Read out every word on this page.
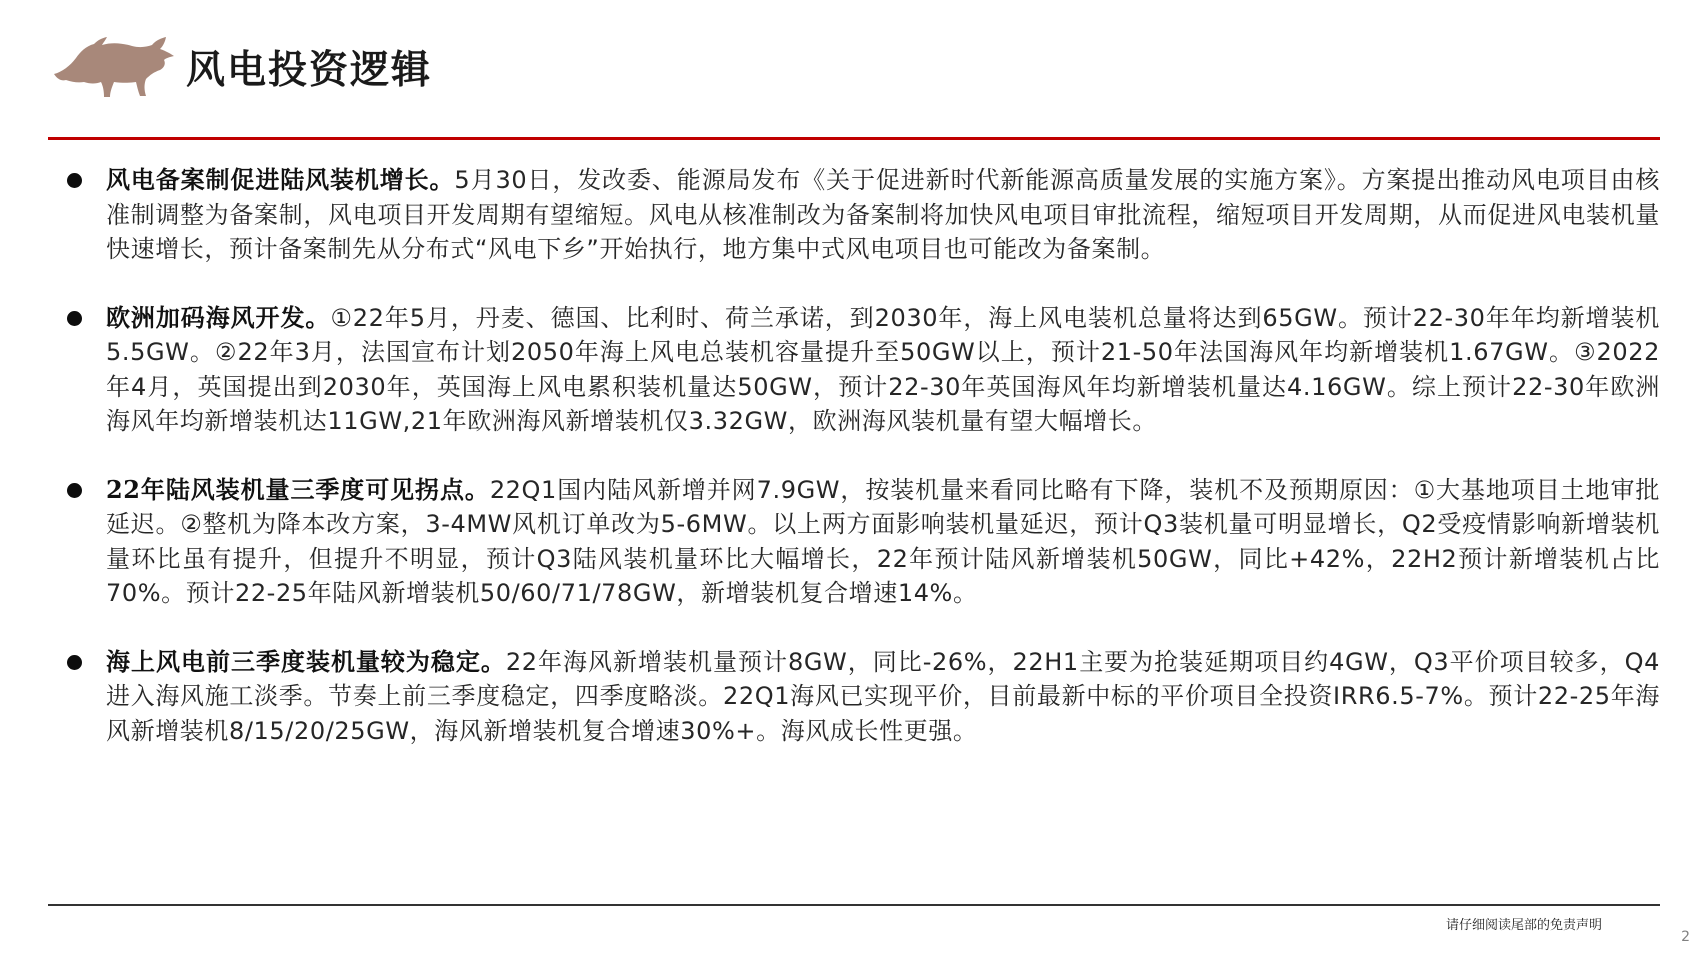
风电投资逻辑
风电备案制促进陆风装机增长。5月30日，发改委、能源局发布《关于促进新时代新能源高质量发展的实施方案》。方案提出推动风电项目由核准制调整为备案制，风电项目开发周期有望缩短。风电从核准制改为备案制将加快风电项目审批流程，缩短项目开发周期，从而促进风电装机量快速增长，预计备案制先从分布式“风电下乡”开始执行，地方集中式风电项目也可能改为备案制。
欧洲加码海风开发。①22年5月，丹麦、德国、比利时、荷兰承诺，到2030年，海上风电装机总量将达到65GW。预计22-30年年均新增装机5.5GW。②22年3月，法国宣布计划2050年海上风电总装机容量提升至50GW以上，预计21-50年法国海风年均新增装机1.67GW。③2022年4月，英国提出到2030年，英国海上风电累积装机量达50GW，预计22-30年英国海风年均新增装机量达4.16GW。综上预计22-30年欧洲海风年均新增装机达11GW,21年欧洲海风新增装机仅3.32GW，欧洲海风装机量有望大幅增长。
22年陆风装机量三季度可见拐点。22Q1国内陆风新增并网7.9GW，按装机量来看同比略有下降，装机不及预期原因：①大基地项目土地审批延迟。②整机为降本改方案，3-4MW风机订单改为5-6MW。以上两方面影响装机量延迟，预计Q3装机量可明显增长，Q2受疫情影响新增装机量环比虽有提升，但提升不明显，预计Q3陆风装机量环比大幅增长，22年预计陆风新增装机50GW，同比+42%，22H2预计新增装机占比70%。预计22-25年陆风新增装机50/60/71/78GW，新增装机复合增速14%。
海上风电前三季度装机量较为稳定。22年海风新增装机量预计8GW，同比-26%，22H1主要为抢装延期项目约4GW，Q3平价项目较多，Q4进入海风施工淡季。节奏上前三季度稳定，四季度略淡。22Q1海风已实现平价，目前最新中标的平价项目全投资IRR6.5-7%。预计22-25年海风新增装机8/15/20/25GW，海风新增装机复合增速30%+。海风成长性更强。
请仔细阅读尾部的免责声明
2
